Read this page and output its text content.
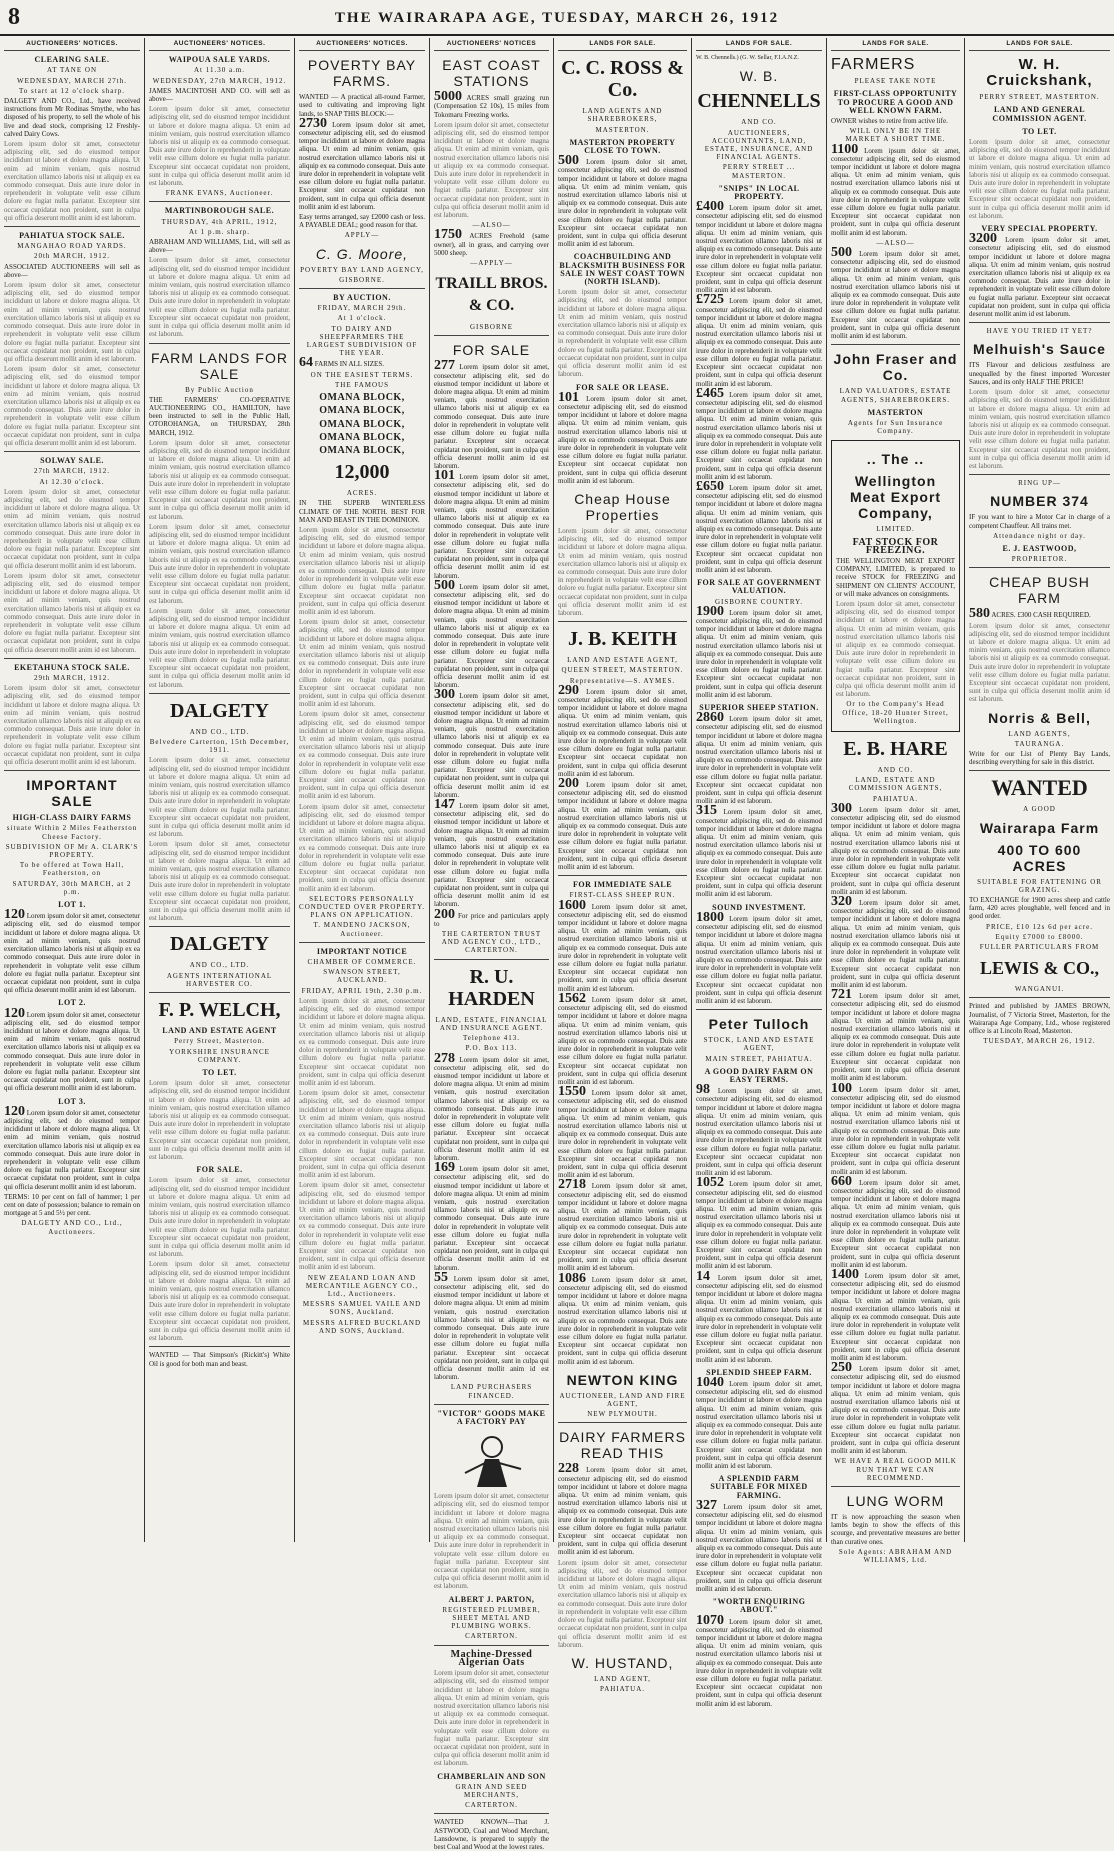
8	THE WAIRARAPA AGE, TUESDAY, MARCH 26, 1912
AUCTIONEERS' NOTICES.
CLEARING SALE.
AT TANE ON
WEDNESDAY, MARCH 27th.
To start at 12 o'clock sharp.
DALGETY AND CO., Ltd., have received instructions from Mr Rodinas Smythe, who has disposed of his property, to sell the whole of his live and dead stock, comprising 12 Freshly-calved Dairy Cows.
Lorem ipsum dolor sit amet, consectetur adipiscing elit, sed do eiusmod tempor incididunt ut labore et dolore magna aliqua. Ut enim ad minim veniam, quis nostrud exercitation ullamco laboris nisi ut aliquip ex ea commodo consequat. Duis aute irure dolor in reprehenderit in voluptate velit esse cillum dolore eu fugiat nulla pariatur. Excepteur sint occaecat cupidatat non proident, sunt in culpa qui officia deserunt mollit anim id est laborum.
PAHIATUA STOCK SALE.
MANGAHAO ROAD YARDS.
20th MARCH, 1912.
ASSOCIATED AUCTIONEERS will sell as above—
Lorem ipsum dolor sit amet, consectetur adipiscing elit, sed do eiusmod tempor incididunt ut labore et dolore magna aliqua. Ut enim ad minim veniam, quis nostrud exercitation ullamco laboris nisi ut aliquip ex ea commodo consequat. Duis aute irure dolor in reprehenderit in voluptate velit esse cillum dolore eu fugiat nulla pariatur. Excepteur sint occaecat cupidatat non proident, sunt in culpa qui officia deserunt mollit anim id est laborum.
Lorem ipsum dolor sit amet, consectetur adipiscing elit, sed do eiusmod tempor incididunt ut labore et dolore magna aliqua. Ut enim ad minim veniam, quis nostrud exercitation ullamco laboris nisi ut aliquip ex ea commodo consequat. Duis aute irure dolor in reprehenderit in voluptate velit esse cillum dolore eu fugiat nulla pariatur. Excepteur sint occaecat cupidatat non proident, sunt in culpa qui officia deserunt mollit anim id est laborum.
SOLWAY SALE.
27th MARCH, 1912.
At 12.30 o'clock.
Lorem ipsum dolor sit amet, consectetur adipiscing elit, sed do eiusmod tempor incididunt ut labore et dolore magna aliqua. Ut enim ad minim veniam, quis nostrud exercitation ullamco laboris nisi ut aliquip ex ea commodo consequat. Duis aute irure dolor in reprehenderit in voluptate velit esse cillum dolore eu fugiat nulla pariatur. Excepteur sint occaecat cupidatat non proident, sunt in culpa qui officia deserunt mollit anim id est laborum.
Lorem ipsum dolor sit amet, consectetur adipiscing elit, sed do eiusmod tempor incididunt ut labore et dolore magna aliqua. Ut enim ad minim veniam, quis nostrud exercitation ullamco laboris nisi ut aliquip ex ea commodo consequat. Duis aute irure dolor in reprehenderit in voluptate velit esse cillum dolore eu fugiat nulla pariatur. Excepteur sint occaecat cupidatat non proident, sunt in culpa qui officia deserunt mollit anim id est laborum.
EKETAHUNA STOCK SALE.
29th MARCH, 1912.
Lorem ipsum dolor sit amet, consectetur adipiscing elit, sed do eiusmod tempor incididunt ut labore et dolore magna aliqua. Ut enim ad minim veniam, quis nostrud exercitation ullamco laboris nisi ut aliquip ex ea commodo consequat. Duis aute irure dolor in reprehenderit in voluptate velit esse cillum dolore eu fugiat nulla pariatur. Excepteur sint occaecat cupidatat non proident, sunt in culpa qui officia deserunt mollit anim id est laborum.
IMPORTANT SALE
HIGH-CLASS DAIRY FARMS
situate Within 2 Miles Featherston Cheese Factory.
SUBDIVISION OF Mr A. CLARK'S PROPERTY.
To be offered at Town Hall, Featherston, on
SATURDAY, 30th MARCH, at 2 p.m.
LOT 1.
120 Lorem ipsum dolor sit amet, consectetur adipiscing elit, sed do eiusmod tempor incididunt ut labore et dolore magna aliqua. Ut enim ad minim veniam, quis nostrud exercitation ullamco laboris nisi ut aliquip ex ea commodo consequat. Duis aute irure dolor in reprehenderit in voluptate velit esse cillum dolore eu fugiat nulla pariatur. Excepteur sint occaecat cupidatat non proident, sunt in culpa qui officia deserunt mollit anim id est laborum.
LOT 2.
120 Lorem ipsum dolor sit amet, consectetur adipiscing elit, sed do eiusmod tempor incididunt ut labore et dolore magna aliqua. Ut enim ad minim veniam, quis nostrud exercitation ullamco laboris nisi ut aliquip ex ea commodo consequat. Duis aute irure dolor in reprehenderit in voluptate velit esse cillum dolore eu fugiat nulla pariatur. Excepteur sint occaecat cupidatat non proident, sunt in culpa qui officia deserunt mollit anim id est laborum.
LOT 3.
120 Lorem ipsum dolor sit amet, consectetur adipiscing elit, sed do eiusmod tempor incididunt ut labore et dolore magna aliqua. Ut enim ad minim veniam, quis nostrud exercitation ullamco laboris nisi ut aliquip ex ea commodo consequat. Duis aute irure dolor in reprehenderit in voluptate velit esse cillum dolore eu fugiat nulla pariatur. Excepteur sint occaecat cupidatat non proident, sunt in culpa qui officia deserunt mollit anim id est laborum.
TERMS: 10 per cent on fall of hammer; 1 per cent on date of possession; balance to remain on mortgage at 5 and 5½ per cent.
DALGETY AND CO., Ltd., Auctioneers.
AUCTIONEERS' NOTICES.
WAIPOUA SALE YARDS.
At 11.30 a.m.
WEDNESDAY, 27th MARCH, 1912.
JAMES MACINTOSH AND CO. will sell as above—
Lorem ipsum dolor sit amet, consectetur adipiscing elit, sed do eiusmod tempor incididunt ut labore et dolore magna aliqua. Ut enim ad minim veniam, quis nostrud exercitation ullamco laboris nisi ut aliquip ex ea commodo consequat. Duis aute irure dolor in reprehenderit in voluptate velit esse cillum dolore eu fugiat nulla pariatur. Excepteur sint occaecat cupidatat non proident, sunt in culpa qui officia deserunt mollit anim id est laborum.
FRANK EVANS, Auctioneer.
MARTINBOROUGH SALE.
THURSDAY, 4th APRIL, 1912,
At 1 p.m. sharp.
ABRAHAM AND WILLIAMS, Ltd., will sell as above—
Lorem ipsum dolor sit amet, consectetur adipiscing elit, sed do eiusmod tempor incididunt ut labore et dolore magna aliqua. Ut enim ad minim veniam, quis nostrud exercitation ullamco laboris nisi ut aliquip ex ea commodo consequat. Duis aute irure dolor in reprehenderit in voluptate velit esse cillum dolore eu fugiat nulla pariatur. Excepteur sint occaecat cupidatat non proident, sunt in culpa qui officia deserunt mollit anim id est laborum.
FARM LANDS FOR SALE
By Public Auction
THE FARMERS' CO-OPERATIVE AUCTIONEERING CO., HAMILTON, have been instructed to sell in the Public Hall, OTOROHANGA, on THURSDAY, 28th MARCH, 1912.
Lorem ipsum dolor sit amet, consectetur adipiscing elit, sed do eiusmod tempor incididunt ut labore et dolore magna aliqua. Ut enim ad minim veniam, quis nostrud exercitation ullamco laboris nisi ut aliquip ex ea commodo consequat. Duis aute irure dolor in reprehenderit in voluptate velit esse cillum dolore eu fugiat nulla pariatur. Excepteur sint occaecat cupidatat non proident, sunt in culpa qui officia deserunt mollit anim id est laborum.
Lorem ipsum dolor sit amet, consectetur adipiscing elit, sed do eiusmod tempor incididunt ut labore et dolore magna aliqua. Ut enim ad minim veniam, quis nostrud exercitation ullamco laboris nisi ut aliquip ex ea commodo consequat. Duis aute irure dolor in reprehenderit in voluptate velit esse cillum dolore eu fugiat nulla pariatur. Excepteur sint occaecat cupidatat non proident, sunt in culpa qui officia deserunt mollit anim id est laborum.
Lorem ipsum dolor sit amet, consectetur adipiscing elit, sed do eiusmod tempor incididunt ut labore et dolore magna aliqua. Ut enim ad minim veniam, quis nostrud exercitation ullamco laboris nisi ut aliquip ex ea commodo consequat. Duis aute irure dolor in reprehenderit in voluptate velit esse cillum dolore eu fugiat nulla pariatur. Excepteur sint occaecat cupidatat non proident, sunt in culpa qui officia deserunt mollit anim id est laborum.
DALGETY
AND CO., LTD.
Belvedere Carterton, 15th December, 1911.
Lorem ipsum dolor sit amet, consectetur adipiscing elit, sed do eiusmod tempor incididunt ut labore et dolore magna aliqua. Ut enim ad minim veniam, quis nostrud exercitation ullamco laboris nisi ut aliquip ex ea commodo consequat. Duis aute irure dolor in reprehenderit in voluptate velit esse cillum dolore eu fugiat nulla pariatur. Excepteur sint occaecat cupidatat non proident, sunt in culpa qui officia deserunt mollit anim id est laborum.
Lorem ipsum dolor sit amet, consectetur adipiscing elit, sed do eiusmod tempor incididunt ut labore et dolore magna aliqua. Ut enim ad minim veniam, quis nostrud exercitation ullamco laboris nisi ut aliquip ex ea commodo consequat. Duis aute irure dolor in reprehenderit in voluptate velit esse cillum dolore eu fugiat nulla pariatur. Excepteur sint occaecat cupidatat non proident, sunt in culpa qui officia deserunt mollit anim id est laborum.
DALGETY
AND CO., LTD.
AGENTS INTERNATIONAL HARVESTER CO.
F. P. WELCH,
LAND AND ESTATE AGENT
Perry Street, Masterton.
YORKSHIRE INSURANCE COMPANY.
TO LET.
Lorem ipsum dolor sit amet, consectetur adipiscing elit, sed do eiusmod tempor incididunt ut labore et dolore magna aliqua. Ut enim ad minim veniam, quis nostrud exercitation ullamco laboris nisi ut aliquip ex ea commodo consequat. Duis aute irure dolor in reprehenderit in voluptate velit esse cillum dolore eu fugiat nulla pariatur. Excepteur sint occaecat cupidatat non proident, sunt in culpa qui officia deserunt mollit anim id est laborum.
FOR SALE.
Lorem ipsum dolor sit amet, consectetur adipiscing elit, sed do eiusmod tempor incididunt ut labore et dolore magna aliqua. Ut enim ad minim veniam, quis nostrud exercitation ullamco laboris nisi ut aliquip ex ea commodo consequat. Duis aute irure dolor in reprehenderit in voluptate velit esse cillum dolore eu fugiat nulla pariatur. Excepteur sint occaecat cupidatat non proident, sunt in culpa qui officia deserunt mollit anim id est laborum.
Lorem ipsum dolor sit amet, consectetur adipiscing elit, sed do eiusmod tempor incididunt ut labore et dolore magna aliqua. Ut enim ad minim veniam, quis nostrud exercitation ullamco laboris nisi ut aliquip ex ea commodo consequat. Duis aute irure dolor in reprehenderit in voluptate velit esse cillum dolore eu fugiat nulla pariatur. Excepteur sint occaecat cupidatat non proident, sunt in culpa qui officia deserunt mollit anim id est laborum.
WANTED — That Simpson's (Rickitt's) White Oil is good for both man and beast.
AUCTIONEERS' NOTICES.
POVERTY BAY FARMS.
WANTED — A practical all-round Farmer, used to cultivating and improving light lands, to SNAP THIS BLOCK:—
2730 Lorem ipsum dolor sit amet, consectetur adipiscing elit, sed do eiusmod tempor incididunt ut labore et dolore magna aliqua. Ut enim ad minim veniam, quis nostrud exercitation ullamco laboris nisi ut aliquip ex ea commodo consequat. Duis aute irure dolor in reprehenderit in voluptate velit esse cillum dolore eu fugiat nulla pariatur. Excepteur sint occaecat cupidatat non proident, sunt in culpa qui officia deserunt mollit anim id est laborum.
Easy terms arranged, say £2000 cash or less. A PAYABLE DEAL; good reason for that.
APPLY—
C. G. Moore,
POVERTY BAY LAND AGENCY,
GISBORNE.
BY AUCTION.
FRIDAY, MARCH 29th.
At 1 o'clock.
TO DAIRY AND SHEEPFARMERS THE LARGEST SUBDIVISION OF THE YEAR.
64 FARMS IN ALL SIZES.
ON THE EASIEST TERMS.
THE FAMOUS
OMANA BLOCK,
OMANA BLOCK,
OMANA BLOCK,
OMANA BLOCK,
OMANA BLOCK,
12,000
ACRES.
IN THE SUPERB WINTERLESS CLIMATE OF THE NORTH. BEST FOR MAN AND BEAST IN THE DOMINION.
Lorem ipsum dolor sit amet, consectetur adipiscing elit, sed do eiusmod tempor incididunt ut labore et dolore magna aliqua. Ut enim ad minim veniam, quis nostrud exercitation ullamco laboris nisi ut aliquip ex ea commodo consequat. Duis aute irure dolor in reprehenderit in voluptate velit esse cillum dolore eu fugiat nulla pariatur. Excepteur sint occaecat cupidatat non proident, sunt in culpa qui officia deserunt mollit anim id est laborum.
Lorem ipsum dolor sit amet, consectetur adipiscing elit, sed do eiusmod tempor incididunt ut labore et dolore magna aliqua. Ut enim ad minim veniam, quis nostrud exercitation ullamco laboris nisi ut aliquip ex ea commodo consequat. Duis aute irure dolor in reprehenderit in voluptate velit esse cillum dolore eu fugiat nulla pariatur. Excepteur sint occaecat cupidatat non proident, sunt in culpa qui officia deserunt mollit anim id est laborum.
Lorem ipsum dolor sit amet, consectetur adipiscing elit, sed do eiusmod tempor incididunt ut labore et dolore magna aliqua. Ut enim ad minim veniam, quis nostrud exercitation ullamco laboris nisi ut aliquip ex ea commodo consequat. Duis aute irure dolor in reprehenderit in voluptate velit esse cillum dolore eu fugiat nulla pariatur. Excepteur sint occaecat cupidatat non proident, sunt in culpa qui officia deserunt mollit anim id est laborum.
Lorem ipsum dolor sit amet, consectetur adipiscing elit, sed do eiusmod tempor incididunt ut labore et dolore magna aliqua. Ut enim ad minim veniam, quis nostrud exercitation ullamco laboris nisi ut aliquip ex ea commodo consequat. Duis aute irure dolor in reprehenderit in voluptate velit esse cillum dolore eu fugiat nulla pariatur. Excepteur sint occaecat cupidatat non proident, sunt in culpa qui officia deserunt mollit anim id est laborum.
SELECTORS PERSONALLY CONDUCTED OVER PROPERTY. PLANS ON APPLICATION.
T. MANDENO JACKSON, Auctioneer.
IMPORTANT NOTICE
CHAMBER OF COMMERCE.
SWANSON STREET, AUCKLAND.
FRIDAY, APRIL 19th, 2.30 p.m.
Lorem ipsum dolor sit amet, consectetur adipiscing elit, sed do eiusmod tempor incididunt ut labore et dolore magna aliqua. Ut enim ad minim veniam, quis nostrud exercitation ullamco laboris nisi ut aliquip ex ea commodo consequat. Duis aute irure dolor in reprehenderit in voluptate velit esse cillum dolore eu fugiat nulla pariatur. Excepteur sint occaecat cupidatat non proident, sunt in culpa qui officia deserunt mollit anim id est laborum.
Lorem ipsum dolor sit amet, consectetur adipiscing elit, sed do eiusmod tempor incididunt ut labore et dolore magna aliqua. Ut enim ad minim veniam, quis nostrud exercitation ullamco laboris nisi ut aliquip ex ea commodo consequat. Duis aute irure dolor in reprehenderit in voluptate velit esse cillum dolore eu fugiat nulla pariatur. Excepteur sint occaecat cupidatat non proident, sunt in culpa qui officia deserunt mollit anim id est laborum.
Lorem ipsum dolor sit amet, consectetur adipiscing elit, sed do eiusmod tempor incididunt ut labore et dolore magna aliqua. Ut enim ad minim veniam, quis nostrud exercitation ullamco laboris nisi ut aliquip ex ea commodo consequat. Duis aute irure dolor in reprehenderit in voluptate velit esse cillum dolore eu fugiat nulla pariatur. Excepteur sint occaecat cupidatat non proident, sunt in culpa qui officia deserunt mollit anim id est laborum.
NEW ZEALAND LOAN AND MERCANTILE AGENCY CO., Ltd., Auctioneers.
MESSRS SAMUEL VAILE AND SONS, Auckland.
MESSRS ALFRED BUCKLAND AND SONS, Auckland.
AUCTIONEERS' NOTICES
EAST COAST STATIONS
5000 ACRES small grazing run (Compensation £2 10s), 15 miles from Tokomaru Freezing works.
Lorem ipsum dolor sit amet, consectetur adipiscing elit, sed do eiusmod tempor incididunt ut labore et dolore magna aliqua. Ut enim ad minim veniam, quis nostrud exercitation ullamco laboris nisi ut aliquip ex ea commodo consequat. Duis aute irure dolor in reprehenderit in voluptate velit esse cillum dolore eu fugiat nulla pariatur. Excepteur sint occaecat cupidatat non proident, sunt in culpa qui officia deserunt mollit anim id est laborum.
—ALSO—
1750 ACRES Freehold (same owner), all in grass, and carrying over 5000 sheep.
—APPLY—
TRAILL BROS. & CO.
GISBORNE
FOR SALE
277 Lorem ipsum dolor sit amet, consectetur adipiscing elit, sed do eiusmod tempor incididunt ut labore et dolore magna aliqua. Ut enim ad minim veniam, quis nostrud exercitation ullamco laboris nisi ut aliquip ex ea commodo consequat. Duis aute irure dolor in reprehenderit in voluptate velit esse cillum dolore eu fugiat nulla pariatur. Excepteur sint occaecat cupidatat non proident, sunt in culpa qui officia deserunt mollit anim id est laborum.
101 Lorem ipsum dolor sit amet, consectetur adipiscing elit, sed do eiusmod tempor incididunt ut labore et dolore magna aliqua. Ut enim ad minim veniam, quis nostrud exercitation ullamco laboris nisi ut aliquip ex ea commodo consequat. Duis aute irure dolor in reprehenderit in voluptate velit esse cillum dolore eu fugiat nulla pariatur. Excepteur sint occaecat cupidatat non proident, sunt in culpa qui officia deserunt mollit anim id est laborum.
500 Lorem ipsum dolor sit amet, consectetur adipiscing elit, sed do eiusmod tempor incididunt ut labore et dolore magna aliqua. Ut enim ad minim veniam, quis nostrud exercitation ullamco laboris nisi ut aliquip ex ea commodo consequat. Duis aute irure dolor in reprehenderit in voluptate velit esse cillum dolore eu fugiat nulla pariatur. Excepteur sint occaecat cupidatat non proident, sunt in culpa qui officia deserunt mollit anim id est laborum.
300 Lorem ipsum dolor sit amet, consectetur adipiscing elit, sed do eiusmod tempor incididunt ut labore et dolore magna aliqua. Ut enim ad minim veniam, quis nostrud exercitation ullamco laboris nisi ut aliquip ex ea commodo consequat. Duis aute irure dolor in reprehenderit in voluptate velit esse cillum dolore eu fugiat nulla pariatur. Excepteur sint occaecat cupidatat non proident, sunt in culpa qui officia deserunt mollit anim id est laborum.
147 Lorem ipsum dolor sit amet, consectetur adipiscing elit, sed do eiusmod tempor incididunt ut labore et dolore magna aliqua. Ut enim ad minim veniam, quis nostrud exercitation ullamco laboris nisi ut aliquip ex ea commodo consequat. Duis aute irure dolor in reprehenderit in voluptate velit esse cillum dolore eu fugiat nulla pariatur. Excepteur sint occaecat cupidatat non proident, sunt in culpa qui officia deserunt mollit anim id est laborum.
200 For price and particulars apply to
THE CARTERTON TRUST AND AGENCY CO., LTD., CARTERTON.
R. U. HARDEN
LAND, ESTATE, FINANCIAL AND INSURANCE AGENT.
Telephone 413.
P.O. Box 113.
278 Lorem ipsum dolor sit amet, consectetur adipiscing elit, sed do eiusmod tempor incididunt ut labore et dolore magna aliqua. Ut enim ad minim veniam, quis nostrud exercitation ullamco laboris nisi ut aliquip ex ea commodo consequat. Duis aute irure dolor in reprehenderit in voluptate velit esse cillum dolore eu fugiat nulla pariatur. Excepteur sint occaecat cupidatat non proident, sunt in culpa qui officia deserunt mollit anim id est laborum.
169 Lorem ipsum dolor sit amet, consectetur adipiscing elit, sed do eiusmod tempor incididunt ut labore et dolore magna aliqua. Ut enim ad minim veniam, quis nostrud exercitation ullamco laboris nisi ut aliquip ex ea commodo consequat. Duis aute irure dolor in reprehenderit in voluptate velit esse cillum dolore eu fugiat nulla pariatur. Excepteur sint occaecat cupidatat non proident, sunt in culpa qui officia deserunt mollit anim id est laborum.
55 Lorem ipsum dolor sit amet, consectetur adipiscing elit, sed do eiusmod tempor incididunt ut labore et dolore magna aliqua. Ut enim ad minim veniam, quis nostrud exercitation ullamco laboris nisi ut aliquip ex ea commodo consequat. Duis aute irure dolor in reprehenderit in voluptate velit esse cillum dolore eu fugiat nulla pariatur. Excepteur sint occaecat cupidatat non proident, sunt in culpa qui officia deserunt mollit anim id est laborum.
LAND PURCHASERS FINANCED.
"VICTOR" GOODS MAKE A FACTORY PAY
Lorem ipsum dolor sit amet, consectetur adipiscing elit, sed do eiusmod tempor incididunt ut labore et dolore magna aliqua. Ut enim ad minim veniam, quis nostrud exercitation ullamco laboris nisi ut aliquip ex ea commodo consequat. Duis aute irure dolor in reprehenderit in voluptate velit esse cillum dolore eu fugiat nulla pariatur. Excepteur sint occaecat cupidatat non proident, sunt in culpa qui officia deserunt mollit anim id est laborum.
ALBERT J. PARTON,
REGISTERED PLUMBER, SHEET METAL AND PLUMBING WORKS.
CARTERTON.
Machine-Dressed Algerian Oats
Lorem ipsum dolor sit amet, consectetur adipiscing elit, sed do eiusmod tempor incididunt ut labore et dolore magna aliqua. Ut enim ad minim veniam, quis nostrud exercitation ullamco laboris nisi ut aliquip ex ea commodo consequat. Duis aute irure dolor in reprehenderit in voluptate velit esse cillum dolore eu fugiat nulla pariatur. Excepteur sint occaecat cupidatat non proident, sunt in culpa qui officia deserunt mollit anim id est laborum.
CHAMBERLAIN AND SON
GRAIN AND SEED MERCHANTS,
CARTERTON.
WANTED KNOWN—That J. ASTWOOD, Coal and Wood Merchant, Lansdowne, is prepared to supply the best Coal and Wood at the lowest rates.
LANDS FOR SALE.
C. C. ROSS & Co.
LAND AGENTS AND SHAREBROKERS,
MASTERTON.
MASTERTON PROPERTY CLOSE TO TOWN.
500 Lorem ipsum dolor sit amet, consectetur adipiscing elit, sed do eiusmod tempor incididunt ut labore et dolore magna aliqua. Ut enim ad minim veniam, quis nostrud exercitation ullamco laboris nisi ut aliquip ex ea commodo consequat. Duis aute irure dolor in reprehenderit in voluptate velit esse cillum dolore eu fugiat nulla pariatur. Excepteur sint occaecat cupidatat non proident, sunt in culpa qui officia deserunt mollit anim id est laborum.
COACHBUILDING AND BLACKSMITH BUSINESS FOR SALE IN WEST COAST TOWN (NORTH ISLAND).
Lorem ipsum dolor sit amet, consectetur adipiscing elit, sed do eiusmod tempor incididunt ut labore et dolore magna aliqua. Ut enim ad minim veniam, quis nostrud exercitation ullamco laboris nisi ut aliquip ex ea commodo consequat. Duis aute irure dolor in reprehenderit in voluptate velit esse cillum dolore eu fugiat nulla pariatur. Excepteur sint occaecat cupidatat non proident, sunt in culpa qui officia deserunt mollit anim id est laborum.
FOR SALE OR LEASE.
101 Lorem ipsum dolor sit amet, consectetur adipiscing elit, sed do eiusmod tempor incididunt ut labore et dolore magna aliqua. Ut enim ad minim veniam, quis nostrud exercitation ullamco laboris nisi ut aliquip ex ea commodo consequat. Duis aute irure dolor in reprehenderit in voluptate velit esse cillum dolore eu fugiat nulla pariatur. Excepteur sint occaecat cupidatat non proident, sunt in culpa qui officia deserunt mollit anim id est laborum.
Cheap House Properties
Lorem ipsum dolor sit amet, consectetur adipiscing elit, sed do eiusmod tempor incididunt ut labore et dolore magna aliqua. Ut enim ad minim veniam, quis nostrud exercitation ullamco laboris nisi ut aliquip ex ea commodo consequat. Duis aute irure dolor in reprehenderit in voluptate velit esse cillum dolore eu fugiat nulla pariatur. Excepteur sint occaecat cupidatat non proident, sunt in culpa qui officia deserunt mollit anim id est laborum.
J. B. KEITH
LAND AND ESTATE AGENT,
QUEEN STREET, MASTERTON.
Representative—S. AYMES.
290 Lorem ipsum dolor sit amet, consectetur adipiscing elit, sed do eiusmod tempor incididunt ut labore et dolore magna aliqua. Ut enim ad minim veniam, quis nostrud exercitation ullamco laboris nisi ut aliquip ex ea commodo consequat. Duis aute irure dolor in reprehenderit in voluptate velit esse cillum dolore eu fugiat nulla pariatur. Excepteur sint occaecat cupidatat non proident, sunt in culpa qui officia deserunt mollit anim id est laborum.
200 Lorem ipsum dolor sit amet, consectetur adipiscing elit, sed do eiusmod tempor incididunt ut labore et dolore magna aliqua. Ut enim ad minim veniam, quis nostrud exercitation ullamco laboris nisi ut aliquip ex ea commodo consequat. Duis aute irure dolor in reprehenderit in voluptate velit esse cillum dolore eu fugiat nulla pariatur. Excepteur sint occaecat cupidatat non proident, sunt in culpa qui officia deserunt mollit anim id est laborum.
FOR IMMEDIATE SALE
FIRST-CLASS SHEEP RUN.
1600 Lorem ipsum dolor sit amet, consectetur adipiscing elit, sed do eiusmod tempor incididunt ut labore et dolore magna aliqua. Ut enim ad minim veniam, quis nostrud exercitation ullamco laboris nisi ut aliquip ex ea commodo consequat. Duis aute irure dolor in reprehenderit in voluptate velit esse cillum dolore eu fugiat nulla pariatur. Excepteur sint occaecat cupidatat non proident, sunt in culpa qui officia deserunt mollit anim id est laborum.
1562 Lorem ipsum dolor sit amet, consectetur adipiscing elit, sed do eiusmod tempor incididunt ut labore et dolore magna aliqua. Ut enim ad minim veniam, quis nostrud exercitation ullamco laboris nisi ut aliquip ex ea commodo consequat. Duis aute irure dolor in reprehenderit in voluptate velit esse cillum dolore eu fugiat nulla pariatur. Excepteur sint occaecat cupidatat non proident, sunt in culpa qui officia deserunt mollit anim id est laborum.
1550 Lorem ipsum dolor sit amet, consectetur adipiscing elit, sed do eiusmod tempor incididunt ut labore et dolore magna aliqua. Ut enim ad minim veniam, quis nostrud exercitation ullamco laboris nisi ut aliquip ex ea commodo consequat. Duis aute irure dolor in reprehenderit in voluptate velit esse cillum dolore eu fugiat nulla pariatur. Excepteur sint occaecat cupidatat non proident, sunt in culpa qui officia deserunt mollit anim id est laborum.
2718 Lorem ipsum dolor sit amet, consectetur adipiscing elit, sed do eiusmod tempor incididunt ut labore et dolore magna aliqua. Ut enim ad minim veniam, quis nostrud exercitation ullamco laboris nisi ut aliquip ex ea commodo consequat. Duis aute irure dolor in reprehenderit in voluptate velit esse cillum dolore eu fugiat nulla pariatur. Excepteur sint occaecat cupidatat non proident, sunt in culpa qui officia deserunt mollit anim id est laborum.
1086 Lorem ipsum dolor sit amet, consectetur adipiscing elit, sed do eiusmod tempor incididunt ut labore et dolore magna aliqua. Ut enim ad minim veniam, quis nostrud exercitation ullamco laboris nisi ut aliquip ex ea commodo consequat. Duis aute irure dolor in reprehenderit in voluptate velit esse cillum dolore eu fugiat nulla pariatur. Excepteur sint occaecat cupidatat non proident, sunt in culpa qui officia deserunt mollit anim id est laborum.
NEWTON KING
AUCTIONEER, LAND AND FIRE AGENT,
NEW PLYMOUTH.
DAIRY FARMERS READ THIS
228 Lorem ipsum dolor sit amet, consectetur adipiscing elit, sed do eiusmod tempor incididunt ut labore et dolore magna aliqua. Ut enim ad minim veniam, quis nostrud exercitation ullamco laboris nisi ut aliquip ex ea commodo consequat. Duis aute irure dolor in reprehenderit in voluptate velit esse cillum dolore eu fugiat nulla pariatur. Excepteur sint occaecat cupidatat non proident, sunt in culpa qui officia deserunt mollit anim id est laborum.
Lorem ipsum dolor sit amet, consectetur adipiscing elit, sed do eiusmod tempor incididunt ut labore et dolore magna aliqua. Ut enim ad minim veniam, quis nostrud exercitation ullamco laboris nisi ut aliquip ex ea commodo consequat. Duis aute irure dolor in reprehenderit in voluptate velit esse cillum dolore eu fugiat nulla pariatur. Excepteur sint occaecat cupidatat non proident, sunt in culpa qui officia deserunt mollit anim id est laborum.
W. HUSTAND,
LAND AGENT,
PAHIATUA.
LANDS FOR SALE.
W. B. Chennells.) (G. W. Sellar, F.I.A.N.Z.
W. B.
CHENNELLS
AND CO.
AUCTIONEERS, ACCOUNTANTS, LAND, ESTATE, INSURANCE, AND FINANCIAL AGENTS.
PERRY STREET ... MASTERTON.
"SNIPS" IN LOCAL PROPERTY.
£400 Lorem ipsum dolor sit amet, consectetur adipiscing elit, sed do eiusmod tempor incididunt ut labore et dolore magna aliqua. Ut enim ad minim veniam, quis nostrud exercitation ullamco laboris nisi ut aliquip ex ea commodo consequat. Duis aute irure dolor in reprehenderit in voluptate velit esse cillum dolore eu fugiat nulla pariatur. Excepteur sint occaecat cupidatat non proident, sunt in culpa qui officia deserunt mollit anim id est laborum.
£725 Lorem ipsum dolor sit amet, consectetur adipiscing elit, sed do eiusmod tempor incididunt ut labore et dolore magna aliqua. Ut enim ad minim veniam, quis nostrud exercitation ullamco laboris nisi ut aliquip ex ea commodo consequat. Duis aute irure dolor in reprehenderit in voluptate velit esse cillum dolore eu fugiat nulla pariatur. Excepteur sint occaecat cupidatat non proident, sunt in culpa qui officia deserunt mollit anim id est laborum.
£465 Lorem ipsum dolor sit amet, consectetur adipiscing elit, sed do eiusmod tempor incididunt ut labore et dolore magna aliqua. Ut enim ad minim veniam, quis nostrud exercitation ullamco laboris nisi ut aliquip ex ea commodo consequat. Duis aute irure dolor in reprehenderit in voluptate velit esse cillum dolore eu fugiat nulla pariatur. Excepteur sint occaecat cupidatat non proident, sunt in culpa qui officia deserunt mollit anim id est laborum.
£650 Lorem ipsum dolor sit amet, consectetur adipiscing elit, sed do eiusmod tempor incididunt ut labore et dolore magna aliqua. Ut enim ad minim veniam, quis nostrud exercitation ullamco laboris nisi ut aliquip ex ea commodo consequat. Duis aute irure dolor in reprehenderit in voluptate velit esse cillum dolore eu fugiat nulla pariatur. Excepteur sint occaecat cupidatat non proident, sunt in culpa qui officia deserunt mollit anim id est laborum.
FOR SALE AT GOVERNMENT VALUATION.
GISBORNE COUNTRY.
1900 Lorem ipsum dolor sit amet, consectetur adipiscing elit, sed do eiusmod tempor incididunt ut labore et dolore magna aliqua. Ut enim ad minim veniam, quis nostrud exercitation ullamco laboris nisi ut aliquip ex ea commodo consequat. Duis aute irure dolor in reprehenderit in voluptate velit esse cillum dolore eu fugiat nulla pariatur. Excepteur sint occaecat cupidatat non proident, sunt in culpa qui officia deserunt mollit anim id est laborum.
SUPERIOR SHEEP STATION.
2860 Lorem ipsum dolor sit amet, consectetur adipiscing elit, sed do eiusmod tempor incididunt ut labore et dolore magna aliqua. Ut enim ad minim veniam, quis nostrud exercitation ullamco laboris nisi ut aliquip ex ea commodo consequat. Duis aute irure dolor in reprehenderit in voluptate velit esse cillum dolore eu fugiat nulla pariatur. Excepteur sint occaecat cupidatat non proident, sunt in culpa qui officia deserunt mollit anim id est laborum.
315 Lorem ipsum dolor sit amet, consectetur adipiscing elit, sed do eiusmod tempor incididunt ut labore et dolore magna aliqua. Ut enim ad minim veniam, quis nostrud exercitation ullamco laboris nisi ut aliquip ex ea commodo consequat. Duis aute irure dolor in reprehenderit in voluptate velit esse cillum dolore eu fugiat nulla pariatur. Excepteur sint occaecat cupidatat non proident, sunt in culpa qui officia deserunt mollit anim id est laborum.
SOUND INVESTMENT.
1800 Lorem ipsum dolor sit amet, consectetur adipiscing elit, sed do eiusmod tempor incididunt ut labore et dolore magna aliqua. Ut enim ad minim veniam, quis nostrud exercitation ullamco laboris nisi ut aliquip ex ea commodo consequat. Duis aute irure dolor in reprehenderit in voluptate velit esse cillum dolore eu fugiat nulla pariatur. Excepteur sint occaecat cupidatat non proident, sunt in culpa qui officia deserunt mollit anim id est laborum.
Peter Tulloch
STOCK, LAND AND ESTATE AGENT,
MAIN STREET, PAHIATUA.
A GOOD DAIRY FARM ON EASY TERMS.
98 Lorem ipsum dolor sit amet, consectetur adipiscing elit, sed do eiusmod tempor incididunt ut labore et dolore magna aliqua. Ut enim ad minim veniam, quis nostrud exercitation ullamco laboris nisi ut aliquip ex ea commodo consequat. Duis aute irure dolor in reprehenderit in voluptate velit esse cillum dolore eu fugiat nulla pariatur. Excepteur sint occaecat cupidatat non proident, sunt in culpa qui officia deserunt mollit anim id est laborum.
1052 Lorem ipsum dolor sit amet, consectetur adipiscing elit, sed do eiusmod tempor incididunt ut labore et dolore magna aliqua. Ut enim ad minim veniam, quis nostrud exercitation ullamco laboris nisi ut aliquip ex ea commodo consequat. Duis aute irure dolor in reprehenderit in voluptate velit esse cillum dolore eu fugiat nulla pariatur. Excepteur sint occaecat cupidatat non proident, sunt in culpa qui officia deserunt mollit anim id est laborum.
14 Lorem ipsum dolor sit amet, consectetur adipiscing elit, sed do eiusmod tempor incididunt ut labore et dolore magna aliqua. Ut enim ad minim veniam, quis nostrud exercitation ullamco laboris nisi ut aliquip ex ea commodo consequat. Duis aute irure dolor in reprehenderit in voluptate velit esse cillum dolore eu fugiat nulla pariatur. Excepteur sint occaecat cupidatat non proident, sunt in culpa qui officia deserunt mollit anim id est laborum.
SPLENDID SHEEP FARM.
1040 Lorem ipsum dolor sit amet, consectetur adipiscing elit, sed do eiusmod tempor incididunt ut labore et dolore magna aliqua. Ut enim ad minim veniam, quis nostrud exercitation ullamco laboris nisi ut aliquip ex ea commodo consequat. Duis aute irure dolor in reprehenderit in voluptate velit esse cillum dolore eu fugiat nulla pariatur. Excepteur sint occaecat cupidatat non proident, sunt in culpa qui officia deserunt mollit anim id est laborum.
A SPLENDID FARM SUITABLE FOR MIXED FARMING.
327 Lorem ipsum dolor sit amet, consectetur adipiscing elit, sed do eiusmod tempor incididunt ut labore et dolore magna aliqua. Ut enim ad minim veniam, quis nostrud exercitation ullamco laboris nisi ut aliquip ex ea commodo consequat. Duis aute irure dolor in reprehenderit in voluptate velit esse cillum dolore eu fugiat nulla pariatur. Excepteur sint occaecat cupidatat non proident, sunt in culpa qui officia deserunt mollit anim id est laborum.
"WORTH ENQUIRING ABOUT."
1070 Lorem ipsum dolor sit amet, consectetur adipiscing elit, sed do eiusmod tempor incididunt ut labore et dolore magna aliqua. Ut enim ad minim veniam, quis nostrud exercitation ullamco laboris nisi ut aliquip ex ea commodo consequat. Duis aute irure dolor in reprehenderit in voluptate velit esse cillum dolore eu fugiat nulla pariatur. Excepteur sint occaecat cupidatat non proident, sunt in culpa qui officia deserunt mollit anim id est laborum.
LANDS FOR SALE.
FARMERS
PLEASE TAKE NOTE
FIRST-CLASS OPPORTUNITY TO PROCURE A GOOD AND WELL KNOWN FARM.
OWNER wishes to retire from active life.
WILL ONLY BE IN THE MARKET A SHORT TIME.
1100 Lorem ipsum dolor sit amet, consectetur adipiscing elit, sed do eiusmod tempor incididunt ut labore et dolore magna aliqua. Ut enim ad minim veniam, quis nostrud exercitation ullamco laboris nisi ut aliquip ex ea commodo consequat. Duis aute irure dolor in reprehenderit in voluptate velit esse cillum dolore eu fugiat nulla pariatur. Excepteur sint occaecat cupidatat non proident, sunt in culpa qui officia deserunt mollit anim id est laborum.
—ALSO—
500 Lorem ipsum dolor sit amet, consectetur adipiscing elit, sed do eiusmod tempor incididunt ut labore et dolore magna aliqua. Ut enim ad minim veniam, quis nostrud exercitation ullamco laboris nisi ut aliquip ex ea commodo consequat. Duis aute irure dolor in reprehenderit in voluptate velit esse cillum dolore eu fugiat nulla pariatur. Excepteur sint occaecat cupidatat non proident, sunt in culpa qui officia deserunt mollit anim id est laborum.
John Fraser and Co.
LAND VALUATORS, ESTATE AGENTS, SHAREBROKERS.
MASTERTON
Agents for Sun Insurance Company.
.. The ..
Wellington Meat Export Company,
LIMITED.
FAT STOCK FOR FREEZING.
THE WELLINGTON MEAT EXPORT COMPANY, LIMITED, is prepared to receive STOCK for FREEZING and SHIPMENT ON CLIENTS' ACCOUNT, or will make advances on consignments.
Lorem ipsum dolor sit amet, consectetur adipiscing elit, sed do eiusmod tempor incididunt ut labore et dolore magna aliqua. Ut enim ad minim veniam, quis nostrud exercitation ullamco laboris nisi ut aliquip ex ea commodo consequat. Duis aute irure dolor in reprehenderit in voluptate velit esse cillum dolore eu fugiat nulla pariatur. Excepteur sint occaecat cupidatat non proident, sunt in culpa qui officia deserunt mollit anim id est laborum.
Or to the Company's Head Office, 18-20 Hunter Street, Wellington.
E. B. HARE
AND CO.
LAND, ESTATE AND COMMISSION AGENTS,
PAHIATUA.
300 Lorem ipsum dolor sit amet, consectetur adipiscing elit, sed do eiusmod tempor incididunt ut labore et dolore magna aliqua. Ut enim ad minim veniam, quis nostrud exercitation ullamco laboris nisi ut aliquip ex ea commodo consequat. Duis aute irure dolor in reprehenderit in voluptate velit esse cillum dolore eu fugiat nulla pariatur. Excepteur sint occaecat cupidatat non proident, sunt in culpa qui officia deserunt mollit anim id est laborum.
320 Lorem ipsum dolor sit amet, consectetur adipiscing elit, sed do eiusmod tempor incididunt ut labore et dolore magna aliqua. Ut enim ad minim veniam, quis nostrud exercitation ullamco laboris nisi ut aliquip ex ea commodo consequat. Duis aute irure dolor in reprehenderit in voluptate velit esse cillum dolore eu fugiat nulla pariatur. Excepteur sint occaecat cupidatat non proident, sunt in culpa qui officia deserunt mollit anim id est laborum.
721 Lorem ipsum dolor sit amet, consectetur adipiscing elit, sed do eiusmod tempor incididunt ut labore et dolore magna aliqua. Ut enim ad minim veniam, quis nostrud exercitation ullamco laboris nisi ut aliquip ex ea commodo consequat. Duis aute irure dolor in reprehenderit in voluptate velit esse cillum dolore eu fugiat nulla pariatur. Excepteur sint occaecat cupidatat non proident, sunt in culpa qui officia deserunt mollit anim id est laborum.
100 Lorem ipsum dolor sit amet, consectetur adipiscing elit, sed do eiusmod tempor incididunt ut labore et dolore magna aliqua. Ut enim ad minim veniam, quis nostrud exercitation ullamco laboris nisi ut aliquip ex ea commodo consequat. Duis aute irure dolor in reprehenderit in voluptate velit esse cillum dolore eu fugiat nulla pariatur. Excepteur sint occaecat cupidatat non proident, sunt in culpa qui officia deserunt mollit anim id est laborum.
660 Lorem ipsum dolor sit amet, consectetur adipiscing elit, sed do eiusmod tempor incididunt ut labore et dolore magna aliqua. Ut enim ad minim veniam, quis nostrud exercitation ullamco laboris nisi ut aliquip ex ea commodo consequat. Duis aute irure dolor in reprehenderit in voluptate velit esse cillum dolore eu fugiat nulla pariatur. Excepteur sint occaecat cupidatat non proident, sunt in culpa qui officia deserunt mollit anim id est laborum.
1400 Lorem ipsum dolor sit amet, consectetur adipiscing elit, sed do eiusmod tempor incididunt ut labore et dolore magna aliqua. Ut enim ad minim veniam, quis nostrud exercitation ullamco laboris nisi ut aliquip ex ea commodo consequat. Duis aute irure dolor in reprehenderit in voluptate velit esse cillum dolore eu fugiat nulla pariatur. Excepteur sint occaecat cupidatat non proident, sunt in culpa qui officia deserunt mollit anim id est laborum.
250 Lorem ipsum dolor sit amet, consectetur adipiscing elit, sed do eiusmod tempor incididunt ut labore et dolore magna aliqua. Ut enim ad minim veniam, quis nostrud exercitation ullamco laboris nisi ut aliquip ex ea commodo consequat. Duis aute irure dolor in reprehenderit in voluptate velit esse cillum dolore eu fugiat nulla pariatur. Excepteur sint occaecat cupidatat non proident, sunt in culpa qui officia deserunt mollit anim id est laborum.
WE HAVE A REAL GOOD MILK RUN THAT WE CAN RECOMMEND.
LUNG WORM
IT is now approaching the season when lambs begin to show the effects of this scourge, and preventative measures are better than curative ones.
Sole Agents: ABRAHAM AND WILLIAMS, Ltd.
LANDS FOR SALE.
W. H. Cruickshank,
PERRY STREET, MASTERTON.
LAND AND GENERAL COMMISSION AGENT.
TO LET.
Lorem ipsum dolor sit amet, consectetur adipiscing elit, sed do eiusmod tempor incididunt ut labore et dolore magna aliqua. Ut enim ad minim veniam, quis nostrud exercitation ullamco laboris nisi ut aliquip ex ea commodo consequat. Duis aute irure dolor in reprehenderit in voluptate velit esse cillum dolore eu fugiat nulla pariatur. Excepteur sint occaecat cupidatat non proident, sunt in culpa qui officia deserunt mollit anim id est laborum.
VERY SPECIAL PROPERTY.
3200 Lorem ipsum dolor sit amet, consectetur adipiscing elit, sed do eiusmod tempor incididunt ut labore et dolore magna aliqua. Ut enim ad minim veniam, quis nostrud exercitation ullamco laboris nisi ut aliquip ex ea commodo consequat. Duis aute irure dolor in reprehenderit in voluptate velit esse cillum dolore eu fugiat nulla pariatur. Excepteur sint occaecat cupidatat non proident, sunt in culpa qui officia deserunt mollit anim id est laborum.
HAVE YOU TRIED IT YET?
Melhuish's Sauce
ITS Flavour and delicious zestfulness are unequalled by the finest imported Worcester Sauces, and its only HALF THE PRICE!
Lorem ipsum dolor sit amet, consectetur adipiscing elit, sed do eiusmod tempor incididunt ut labore et dolore magna aliqua. Ut enim ad minim veniam, quis nostrud exercitation ullamco laboris nisi ut aliquip ex ea commodo consequat. Duis aute irure dolor in reprehenderit in voluptate velit esse cillum dolore eu fugiat nulla pariatur. Excepteur sint occaecat cupidatat non proident, sunt in culpa qui officia deserunt mollit anim id est laborum.
RING UP—
NUMBER 374
IF you want to hire a Motor Car in charge of a competent Chauffeur. All trains met.
Attendance night or day.
E. J. EASTWOOD,
PROPRIETOR.
CHEAP BUSH FARM
580 ACRES. £300 CASH REQUIRED.
Lorem ipsum dolor sit amet, consectetur adipiscing elit, sed do eiusmod tempor incididunt ut labore et dolore magna aliqua. Ut enim ad minim veniam, quis nostrud exercitation ullamco laboris nisi ut aliquip ex ea commodo consequat. Duis aute irure dolor in reprehenderit in voluptate velit esse cillum dolore eu fugiat nulla pariatur. Excepteur sint occaecat cupidatat non proident, sunt in culpa qui officia deserunt mollit anim id est laborum.
Norris & Bell,
LAND AGENTS,
TAURANGA.
Write for our List of Plenty Bay Lands, describing everything for sale in this district.
WANTED
A GOOD
Wairarapa Farm
400 TO 600 ACRES
SUITABLE FOR FATTENING OR GRAZING.
TO EXCHANGE for 1900 acres sheep and cattle farm, 420 acres ploughable, well fenced and in good order.
PRICE, £10 12s 6d per acre.
Equity £7000 to £8000.
FULLER PARTICULARS FROM
LEWIS & CO.,
WANGANUI.
Printed and published by JAMES BROWN, Journalist, of 7 Victoria Street, Masterton, for the Wairarapa Age Company, Ltd., whose registered office is at Lincoln Road, Masterton.
TUESDAY, MARCH 26, 1912.
